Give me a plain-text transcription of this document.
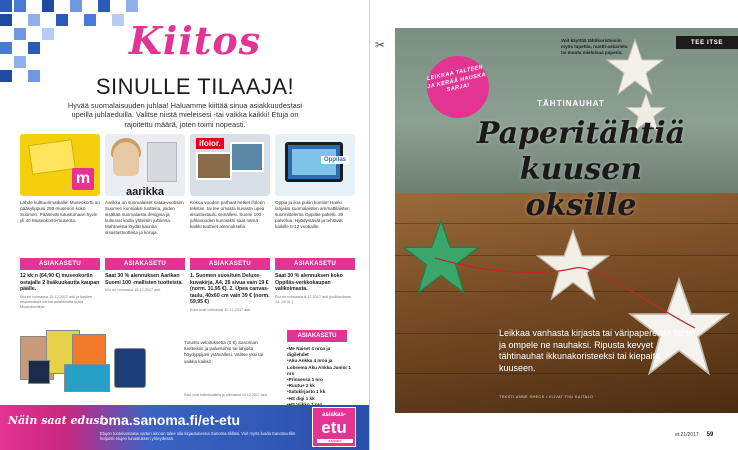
Kiitos
SINULLE TILAAJA!
Hyvää suomalaisuuden juhlaa! Haluamme kiittää sinua asiakkuudestasi upeilla juhlaeduilla. Valitse niistä mieleisesi -tai vaikka kaikki! Etuja on rajoitettu määrä, joten toimi nopeasti.
m
Lähde kulttuurimatkalle! Museokortti on pääsylippusi 250 museoon koko Suomen. Pääsevät tutustumaan hyvin yli 40 Museokortti-museota.
ASIAKASETU
12 kk:n (64,90 €) museokortin ostajalle 2 lisäkuukautta kaupan päälle.
Etu on voimassa 15.12.2017 asti ja koskee ensimmäistä kertaa asiakkuutta uusia Museokortteja.
Aarikka on suomalaiset sataa-vuotisen Suomen kunniaksi tuotteita, joiden sisältää suomalaista designia ja kulsuvat kodin yhteisiin juhliinsa. Mahtavista löydät kaunita sisustustuotteita ja koruja.
ASIAKASETU
Saat 30 % alennuksen Aarikan Suomi 100 -mallisten tuotteista.
Etu on voimassa 15.12.2017 asti.
aarikka
ifolor.
Kokoa vuoden parhaat hetket ifolorin tekstiin. tai tee omasta kuvasta upea sisustustaulu seinällesi. Suomi 100 -juhlavuoden kunniaksi saat nämä kaikki tuotteet alennuksella.
ASIAKASETU
1. Suomen suosituin Deluxe-kuvakirja, A4, 26 sivua vain 19 € (norm. 31,95 €). 2. Upea canvas-taulu, 40x60 cm vain 39 € (norm. 59,95 €)
Edut ovat voimassa 10.12.2017 asti.
Oppilas
Oppia ja iloa pukin kontiin! Hanki lahjaksi suomalaisten ammattilaisten suunnittelema Oppiläs-paketti. 30 palvelua. Hyödyntävät ja tehtävät kaikille 0-12 vuotiaille.
ASIAKASETU
Saat 30 % alennuksen koko Oppiläs-verkkokaupan valikoimasta.
Etu on voimassa 6.12.2017 asti (poikkeuksen 24.-26.11.)
Tutustu veloituksetta (0 €) Sanoman tuotteisiin ja palveluihin tai lahjoita höydyppijasi ystävällesi. Valitse yksi tai vaikka kaikki!
Edut ovat trällerkaikkiin ja voimassa 15.12.2017 asti.
ASIAKASETU
• Me Naiset 4 nroa ja digilehdet
• Aku Ankka 4 nroa ja Lobsema Aku Ankka Junior 1 nro
• Prinsessa 1 nro
• Ruutu+ 2 kk
• Satukirjasto 1 kk
• HS digi 1 kk
•
•
Näin saat edusi:
oma.sanoma.fi/et-etu
Etujen tuotekamaisia varten ainoan tulee olla kirjautuneena Sanoma-tililläsi. Voit myös luoda Sanoma-tilin helposti etujen lunastuksen yhteydessä.
asiakas-
etu
SANOMA
✂	TEE ITSE
LEIKKAA TALTEEN JA KERÄÄ HAUSKA SARJA!
Voit käyttää tähtikoristeisiin myös tapettia, nuotti-askarielu tai muuta mieluisaa paperia.
TÄHTINAUHAT
Paperitähtiä
kuusen oksille
Leikkaa vanhasta kirjasta tai väripapereista tähtiä ja ompele ne nauhaksi. Ripusta kevyet tähtinauhat ikkunakoristeeksi tai kiepaita kuuseen.
TEKSTI ANNE SHECK • KUVAT TIIU KAITALO
et 21/2017 59
